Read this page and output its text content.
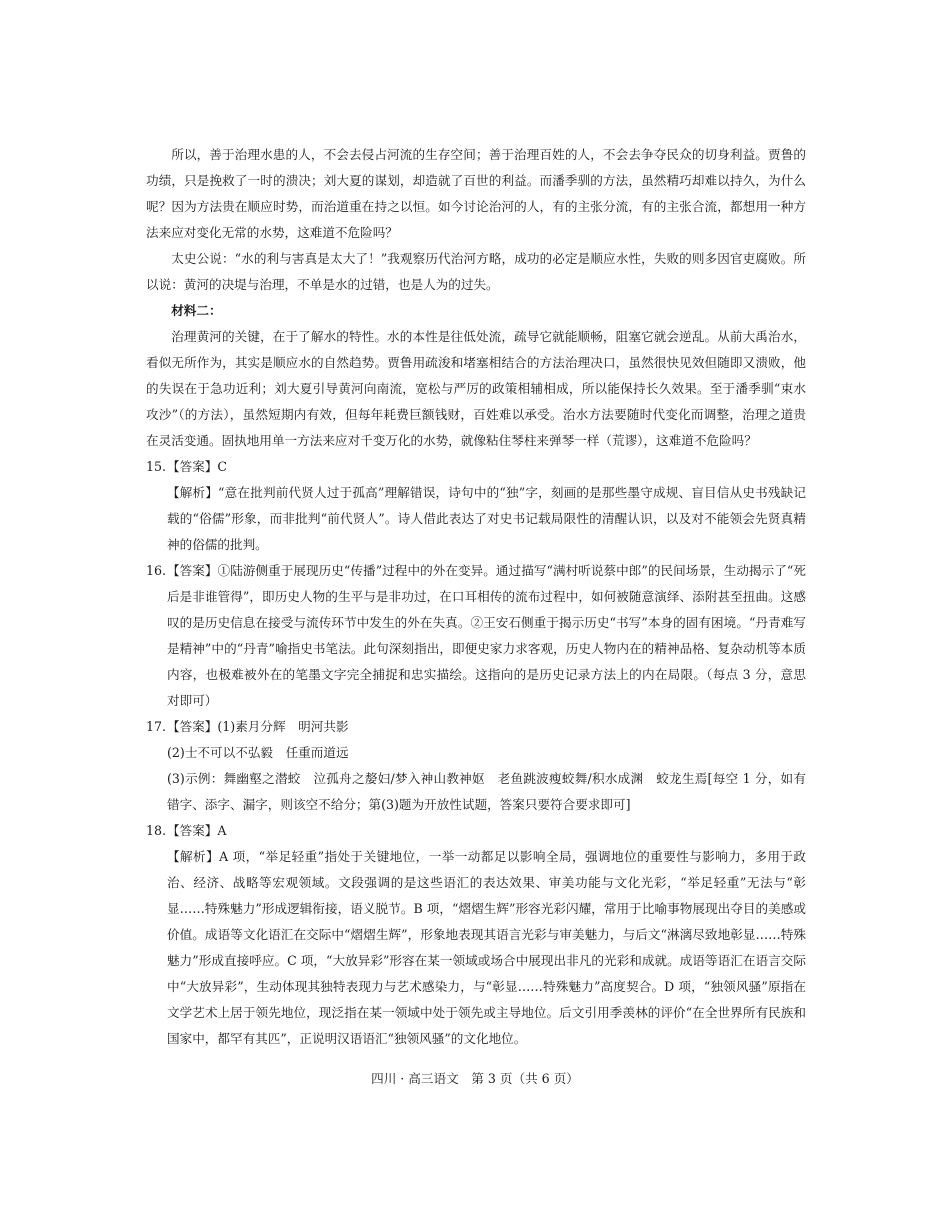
所以，善于治理水患的人，不会去侵占河流的生存空间；善于治理百姓的人，不会去争夺民众的切身利益。贾鲁的功绩，只是挽救了一时的溃决；刘大夏的谋划，却造就了百世的利益。而潘季驯的方法，虽然精巧却难以持久，为什么呢？因为方法贵在顺应时势，而治道重在持之以恒。如今讨论治河的人，有的主张分流，有的主张合流，都想用一种方法来应对变化无常的水势，这难道不危险吗？

太史公说：“水的利与害真是太大了！”我观察历代治河方略，成功的必定是顺应水性，失败的则多因官吏腐败。所以说：黄河的决堤与治理，不单是水的过错，也是人为的过失。

材料二：

治理黄河的关键，在于了解水的特性。水的本性是往低处流，疏导它就能顺畅，阻塞它就会逆乱。从前大禹治水，看似无所作为，其实是顺应水的自然趋势。贾鲁用疏浚和堵塞相结合的方法治理决口，虽然很快见效但随即又溃败，他的失误在于急功近利；刘大夏引导黄河向南流，宽松与严厉的政策相辅相成，所以能保持长久效果。至于潘季驯“束水攻沙”（的方法），虽然短期内有效，但每年耗费巨额钱财，百姓难以承受。治水方法要随时代变化而调整，治理之道贵在灵活变通。固执地用单一方法来应对千变万化的水势，就像粘住琴柱来弹琴一样（荒谬），这难道不危险吗？

15. 【答案】C

【解析】“意在批判前代贤人过于孤高”理解错误，诗句中的“独”字，刻画的是那些墨守成规、盲目信从史书残缺记载的“俗儒”形象，而非批判“前代贤人”。诗人借此表达了对史书记载局限性的清醒认识，以及对不能领会先贤真精神的俗儒的批判。

16. 【答案】①陆游侧重于展现历史“传播”过程中的外在变异。通过描写“满村听说蔡中郎”的民间场景，生动揭示了“死后是非谁管得”，即历史人物的生平与是非功过，在口耳相传的流布过程中，如何被随意演绎、添附甚至扭曲。这感叹的是历史信息在接受与流传环节中发生的外在失真。②王安石侧重于揭示历史“书写”本身的固有困境。“丹青难写是精神”中的“丹青”喻指史书笔法。此句深刻指出，即便史家力求客观，历史人物内在的精神品格、复杂动机等本质内容，也极难被外在的笔墨文字完全捕捉和忠实描绘。这指向的是历史记录方法上的内在局限。（每点 3 分，意思对即可）

17. 【答案】(1)素月分辉　明河共影

(2)士不可以不弘毅　任重而道远

(3)示例：舞幽壑之潜蛟　泣孤舟之嫠妇/梦入神山教神妪　老鱼跳波瘦蛟舞/积水成渊　蛟龙生焉[每空 1 分，如有错字、添字、漏字，则该空不给分；第(3)题为开放性试题，答案只要符合要求即可]

18. 【答案】A

【解析】A 项，“举足轻重”指处于关键地位，一举一动都足以影响全局，强调地位的重要性与影响力，多用于政治、经济、战略等宏观领域。文段强调的是这些语汇的表达效果、审美功能与文化光彩，“举足轻重”无法与“彰显……特殊魅力”形成逻辑衔接，语义脱节。B 项，“熠熠生辉”形容光彩闪耀，常用于比喻事物展现出夺目的美感或价值。成语等文化语汇在交际中“熠熠生辉”，形象地表现其语言光彩与审美魅力，与后文“淋漓尽致地彰显……特殊魅力”形成直接呼应。C 项，“大放异彩”形容在某一领域或场合中展现出非凡的光彩和成就。成语等语汇在语言交际中“大放异彩”，生动体现其独特表现力与艺术感染力，与“彰显……特殊魅力”高度契合。D 项，“独领风骚”原指在文学艺术上居于领先地位，现泛指在某一领域中处于领先或主导地位。后文引用季羡林的评价“在全世界所有民族和国家中，都罕有其匹”，正说明汉语语汇“独领风骚”的文化地位。

四川 · 高三语文　第 3 页（共 6 页）
